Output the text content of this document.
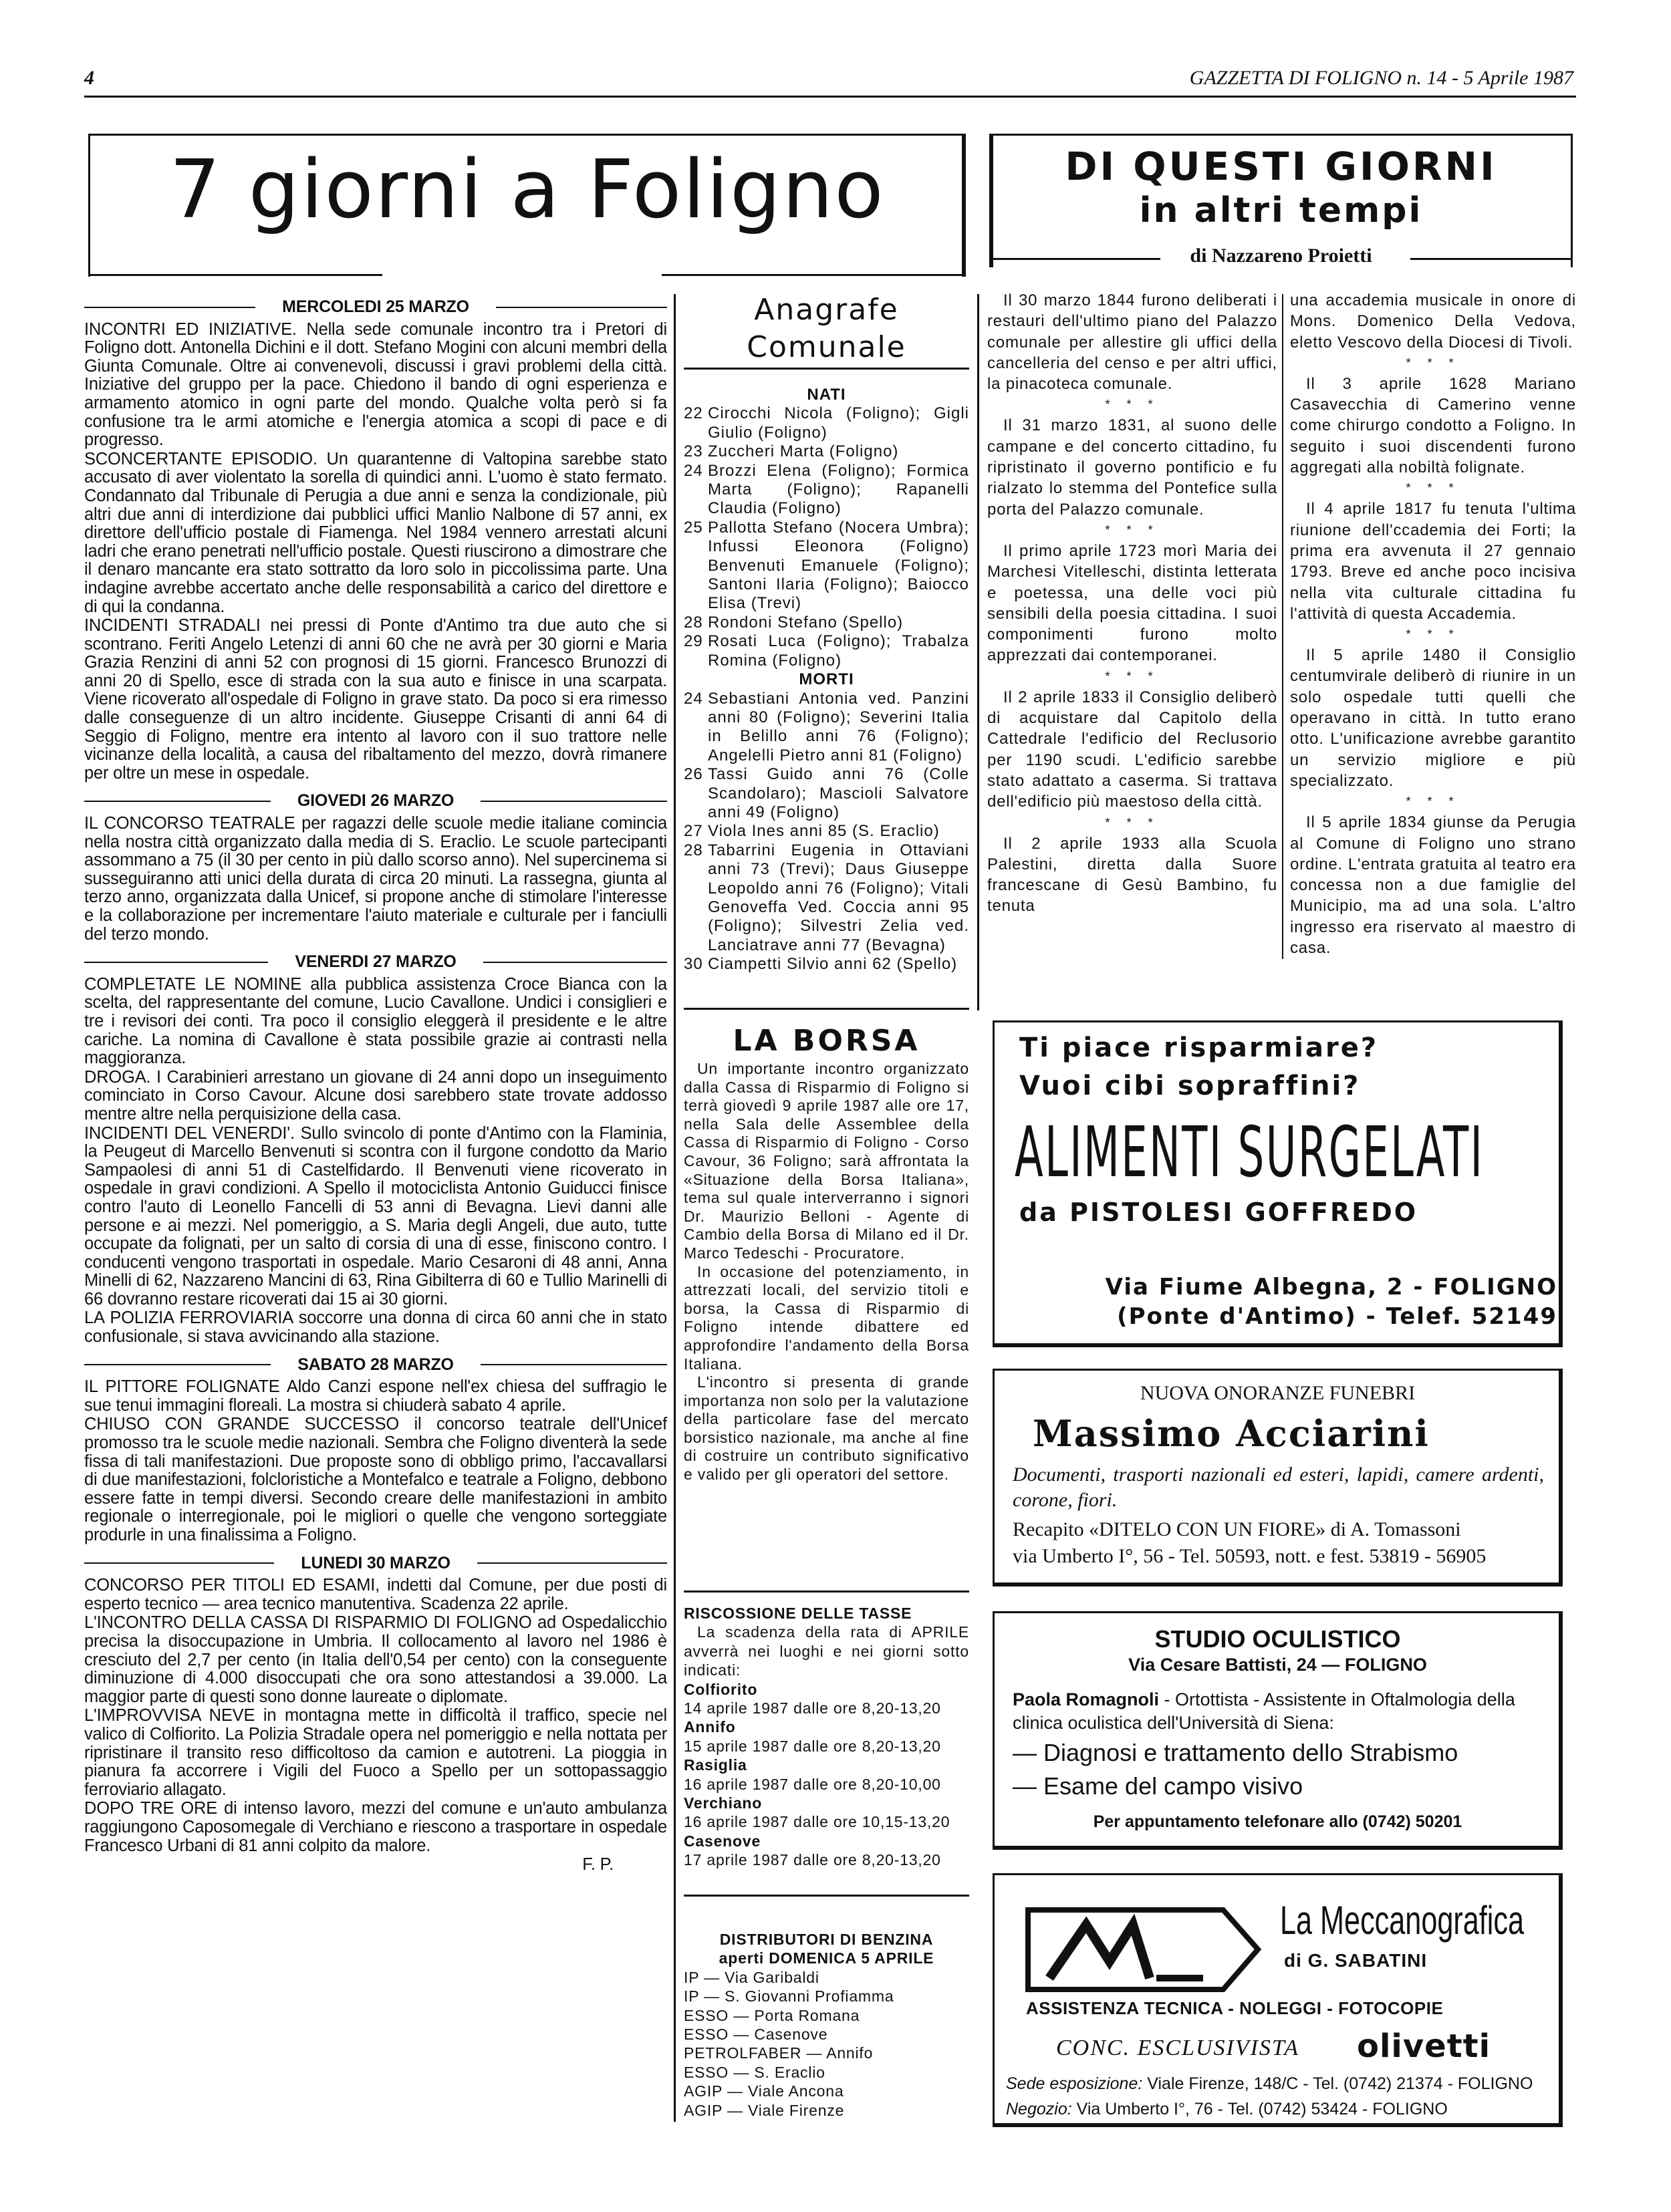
4	GAZZETTA DI FOLIGNO n. 14 - 5 Aprile 1987
7 giorni a Foligno	DI QUESTI GIORNI
in altri tempi
di Nazzareno Proietti
MERCOLEDI 25 MARZO

INCONTRI ED INIZIATIVE. Nella sede comunale incontro tra i Pretori di Foligno dott. Antonella Dichini e il dott. Stefano Mogini con alcuni membri della Giunta Comunale. Oltre ai convenevoli, discussi i gravi problemi della città. Iniziative del gruppo per la pace. Chiedono il bando di ogni esperienza e armamento atomico in ogni parte del mondo. Qualche volta però si fa confusione tra le armi atomiche e l'energia atomica a scopi di pace e di progresso.

SCONCERTANTE EPISODIO. Un quarantenne di Valtopina sarebbe stato accusato di aver violentato la sorella di quindici anni. L'uomo è stato fermato. Condannato dal Tribunale di Perugia a due anni e senza la condizionale, più altri due anni di interdizione dai pubblici uffici Manlio Nalbone di 57 anni, ex direttore dell'ufficio postale di Fiamenga. Nel 1984 vennero arrestati alcuni ladri che erano penetrati nell'ufficio postale. Questi riuscirono a dimostrare che il denaro mancante era stato sottratto da loro solo in piccolissima parte. Una indagine avrebbe accertato anche delle responsabilità a carico del direttore e di qui la condanna.

INCIDENTI STRADALI nei pressi di Ponte d'Antimo tra due auto che si scontrano. Feriti Angelo Letenzi di anni 60 che ne avrà per 30 giorni e Maria Grazia Renzini di anni 52 con prognosi di 15 giorni. Francesco Brunozzi di anni 20 di Spello, esce di strada con la sua auto e finisce in una scarpata. Viene ricoverato all'ospedale di Foligno in grave stato. Da poco si era rimesso dalle conseguenze di un altro incidente. Giuseppe Crisanti di anni 64 di Seggio di Foligno, mentre era intento al lavoro con il suo trattore nelle vicinanze della località, a causa del ribaltamento del mezzo, dovrà rimanere per oltre un mese in ospedale.

GIOVEDI 26 MARZO

IL CONCORSO TEATRALE per ragazzi delle scuole medie italiane comincia nella nostra città organizzato dalla media di S. Eraclio. Le scuole partecipanti assommano a 75 (il 30 per cento in più dallo scorso anno). Nel supercinema si susseguiranno atti unici della durata di circa 20 minuti. La rassegna, giunta al terzo anno, organizzata dalla Unicef, si propone anche di stimolare l'interesse e la collaborazione per incrementare l'aiuto materiale e culturale per i fanciulli del terzo mondo.

VENERDI 27 MARZO

COMPLETATE LE NOMINE alla pubblica assistenza Croce Bianca con la scelta, del rappresentante del comune, Lucio Cavallone. Undici i consiglieri e tre i revisori dei conti. Tra poco il consiglio eleggerà il presidente e le altre cariche. La nomina di Cavallone è stata possibile grazie ai contrasti nella maggioranza.

DROGA. I Carabinieri arrestano un giovane di 24 anni dopo un inseguimento cominciato in Corso Cavour. Alcune dosi sarebbero state trovate addosso mentre altre nella perquisizione della casa.

INCIDENTI DEL VENERDI'. Sullo svincolo di ponte d'Antimo con la Flaminia, la Peugeut di Marcello Benvenuti si scontra con il furgone condotto da Mario Sampaolesi di anni 51 di Castelfidardo. Il Benvenuti viene ricoverato in ospedale in gravi condizioni. A Spello il motociclista Antonio Guiducci finisce contro l'auto di Leonello Fancelli di 53 anni di Bevagna. Lievi danni alle persone e ai mezzi. Nel pomeriggio, a S. Maria degli Angeli, due auto, tutte occupate da folignati, per un salto di corsia di una di esse, finiscono contro. I conducenti vengono trasportati in ospedale. Mario Cesaroni di 48 anni, Anna Minelli di 62, Nazzareno Mancini di 63, Rina Gibilterra di 60 e Tullio Marinelli di 66 dovranno restare ricoverati dai 15 ai 30 giorni.

LA POLIZIA FERROVIARIA soccorre una donna di circa 60 anni che in stato confusionale, si stava avvicinando alla stazione.

SABATO 28 MARZO

IL PITTORE FOLIGNATE Aldo Canzi espone nell'ex chiesa del suffragio le sue tenui immagini floreali. La mostra si chiuderà sabato 4 aprile.

CHIUSO CON GRANDE SUCCESSO il concorso teatrale dell'Unicef promosso tra le scuole medie nazionali. Sembra che Foligno diventerà la sede fissa di tali manifestazioni. Due proposte sono di obbligo primo, l'accavallarsi di due manifestazioni, folcloristiche a Montefalco e teatrale a Foligno, debbono essere fatte in tempi diversi. Secondo creare delle manifestazioni in ambito regionale o interregionale, poi le migliori o quelle che vengono sorteggiate produrle in una finalissima a Foligno.

LUNEDI 30 MARZO

CONCORSO PER TITOLI ED ESAMI, indetti dal Comune, per due posti di esperto tecnico — area tecnico manutentiva. Scadenza 22 aprile.

L'INCONTRO DELLA CASSA DI RISPARMIO DI FOLIGNO ad Ospedalicchio precisa la disoccupazione in Umbria. Il collocamento al lavoro nel 1986 è cresciuto del 2,7 per cento (in Italia dell'0,54 per cento) con la conseguente diminuzione di 4.000 disoccupati che ora sono attestandosi a 39.000. La maggior parte di questi sono donne laureate o diplomate.

L'IMPROVVISA NEVE in montagna mette in difficoltà il traffico, specie nel valico di Colfiorito. La Polizia Stradale opera nel pomeriggio e nella nottata per ripristinare il transito reso difficoltoso da camion e autotreni. La pioggia in pianura fa accorrere i Vigili del Fuoco a Spello per un sottopassaggio ferroviario allagato.

DOPO TRE ORE di intenso lavoro, mezzi del comune e un'auto ambulanza raggiungono Caposomegale di Verchiano e riescono a trasportare in ospedale Francesco Urbani di 81 anni colpito da malore.

F. P.
Anagrafe Comunale
NATI
22 Cirocchi Nicola (Foligno); Gigli Giulio (Foligno)
23 Zuccheri Marta (Foligno)
24 Brozzi Elena (Foligno); Formica Marta (Foligno); Rapanelli Claudia (Foligno)
25 Pallotta Stefano (Nocera Umbra); Infussi Eleonora (Foligno) Benvenuti Emanuele (Foligno); Santoni Ilaria (Foligno); Baiocco Elisa (Trevi)
28 Rondoni Stefano (Spello)
29 Rosati Luca (Foligno); Trabalza Romina (Foligno)
MORTI
24 Sebastiani Antonia ved. Panzini anni 80 (Foligno); Severini Italia in Belillo anni 76 (Foligno); Angelelli Pietro anni 81 (Foligno)
26 Tassi Guido anni 76 (Colle Scandolaro); Mascioli Salvatore anni 49 (Foligno)
27 Viola Ines anni 85 (S. Eraclio)
28 Tabarrini Eugenia in Ottaviani anni 73 (Trevi); Daus Giuseppe Leopoldo anni 76 (Foligno); Vitali Genoveffa Ved. Coccia anni 95 (Foligno); Silvestri Zelia ved. Lanciatrave anni 77 (Bevagna)
30 Ciampetti Silvio anni 62 (Spello)
LA BORSA

Un importante incontro organizzato dalla Cassa di Risparmio di Foligno si terrà giovedì 9 aprile 1987 alle ore 17, nella Sala delle Assemblee della Cassa di Risparmio di Foligno - Corso Cavour, 36 Foligno; sarà affrontata la «Situazione della Borsa Italiana», tema sul quale interverranno i signori Dr. Maurizio Belloni - Agente di Cambio della Borsa di Milano ed il Dr. Marco Tedeschi - Procuratore.

In occasione del potenziamento, in attrezzati locali, del servizio titoli e borsa, la Cassa di Risparmio di Foligno intende dibattere ed approfondire l'andamento della Borsa Italiana.

L'incontro si presenta di grande importanza non solo per la valutazione della particolare fase del mercato borsistico nazionale, ma anche al fine di costruire un contributo significativo e valido per gli operatori del settore.

RISCOSSIONE DELLE TASSE
La scadenza della rata di APRILE avverrà nei luoghi e nei giorni sotto indicati:
Colfiorito
14 aprile 1987 dalle ore 8,20-13,20
Annifo
15 aprile 1987 dalle ore 8,20-13,20
Rasiglia
16 aprile 1987 dalle ore 8,20-10,00
Verchiano
16 aprile 1987 dalle ore 10,15-13,20
Casenove
17 aprile 1987 dalle ore 8,20-13,20
DISTRIBUTORI DI BENZINA
aperti DOMENICA 5 APRILE
IP — Via Garibaldi
IP — S. Giovanni Profiamma
ESSO — Porta Romana
ESSO — Casenove
PETROLFABER — Annifo
ESSO — S. Eraclio
AGIP — Viale Ancona
AGIP — Viale Firenze

Il 30 marzo 1844 furono deliberati i restauri dell'ultimo piano del Palazzo comunale per allestire gli uffici della cancelleria del censo e per altri uffici, la pinacoteca comunale.

* * *

Il 31 marzo 1831, al suono delle campane e del concerto cittadino, fu ripristinato il governo pontificio e fu rialzato lo stemma del Pontefice sulla porta del Palazzo comunale.

* * *

Il primo aprile 1723 morì Maria dei Marchesi Vitelleschi, distinta letterata e poetessa, una delle voci più sensibili della poesia cittadina. I suoi componimenti furono molto apprezzati dai contemporanei.

* * *

Il 2 aprile 1833 il Consiglio deliberò di acquistare dal Capitolo della Cattedrale l'edificio del Reclusorio per 1190 scudi. L'edificio sarebbe stato adattato a caserma. Si trattava dell'edificio più maestoso della città.

* * *

Il 2 aprile 1933 alla Scuola Palestini, diretta dalla Suore francescane di Gesù Bambino, fu tenuta

una accademia musicale in onore di Mons. Domenico Della Vedova, eletto Vescovo della Diocesi di Tivoli.

* * *

Il 3 aprile 1628 Mariano Casavecchia di Camerino venne come chirurgo condotto a Foligno. In seguito i suoi discendenti furono aggregati alla nobiltà folignate.

* * *

Il 4 aprile 1817 fu tenuta l'ultima riunione dell'ccademia dei Forti; la prima era avvenuta il 27 gennaio 1793. Breve ed anche poco incisiva nella vita culturale cittadina fu l'attività di questa Accademia.

* * *

Il 5 aprile 1480 il Consiglio centumvirale deliberò di riunire in un solo ospedale tutti quelli che operavano in città. In tutto erano otto. L'unificazione avrebbe garantito un servizio migliore e più specializzato.

* * *

Il 5 aprile 1834 giunse da Perugia al Comune di Foligno uno strano ordine. L'entrata gratuita al teatro era concessa non a due famiglie del Municipio, ma ad una sola. L'altro ingresso era riservato al maestro di casa.

Ti piace risparmiare?
Vuoi cibi sopraffini?
ALIMENTI SURGELATI
da PISTOLESI GOFFREDO
Via Fiume Albegna, 2 - FOLIGNO
(Ponte d'Antimo) - Telef. 52149
NUOVA ONORANZE FUNEBRI
Massimo Acciarini
Documenti, trasporti nazionali ed esteri, lapidi, camere ardenti, corone, fiori.
Recapito «DITELO CON UN FIORE» di A. Tomassoni
via Umberto I°, 56 - Tel. 50593, nott. e fest. 53819 - 56905
STUDIO OCULISTICO
Via Cesare Battisti, 24 — FOLIGNO
Paola Romagnoli - Ortottista - Assistente in Oftalmologia della clinica oculistica dell'Università di Siena:
— Diagnosi e trattamento dello Strabismo
— Esame del campo visivo
Per appuntamento telefonare allo (0742) 50201
La Meccanografica
di G. SABATINI
ASSISTENZA TECNICA - NOLEGGI - FOTOCOPIE
CONC. ESCLUSIVISTA olivetti
Sede esposizione: Viale Firenze, 148/C - Tel. (0742) 21374 - FOLIGNO
Negozio: Via Umberto I°, 76 - Tel. (0742) 53424 - FOLIGNO
